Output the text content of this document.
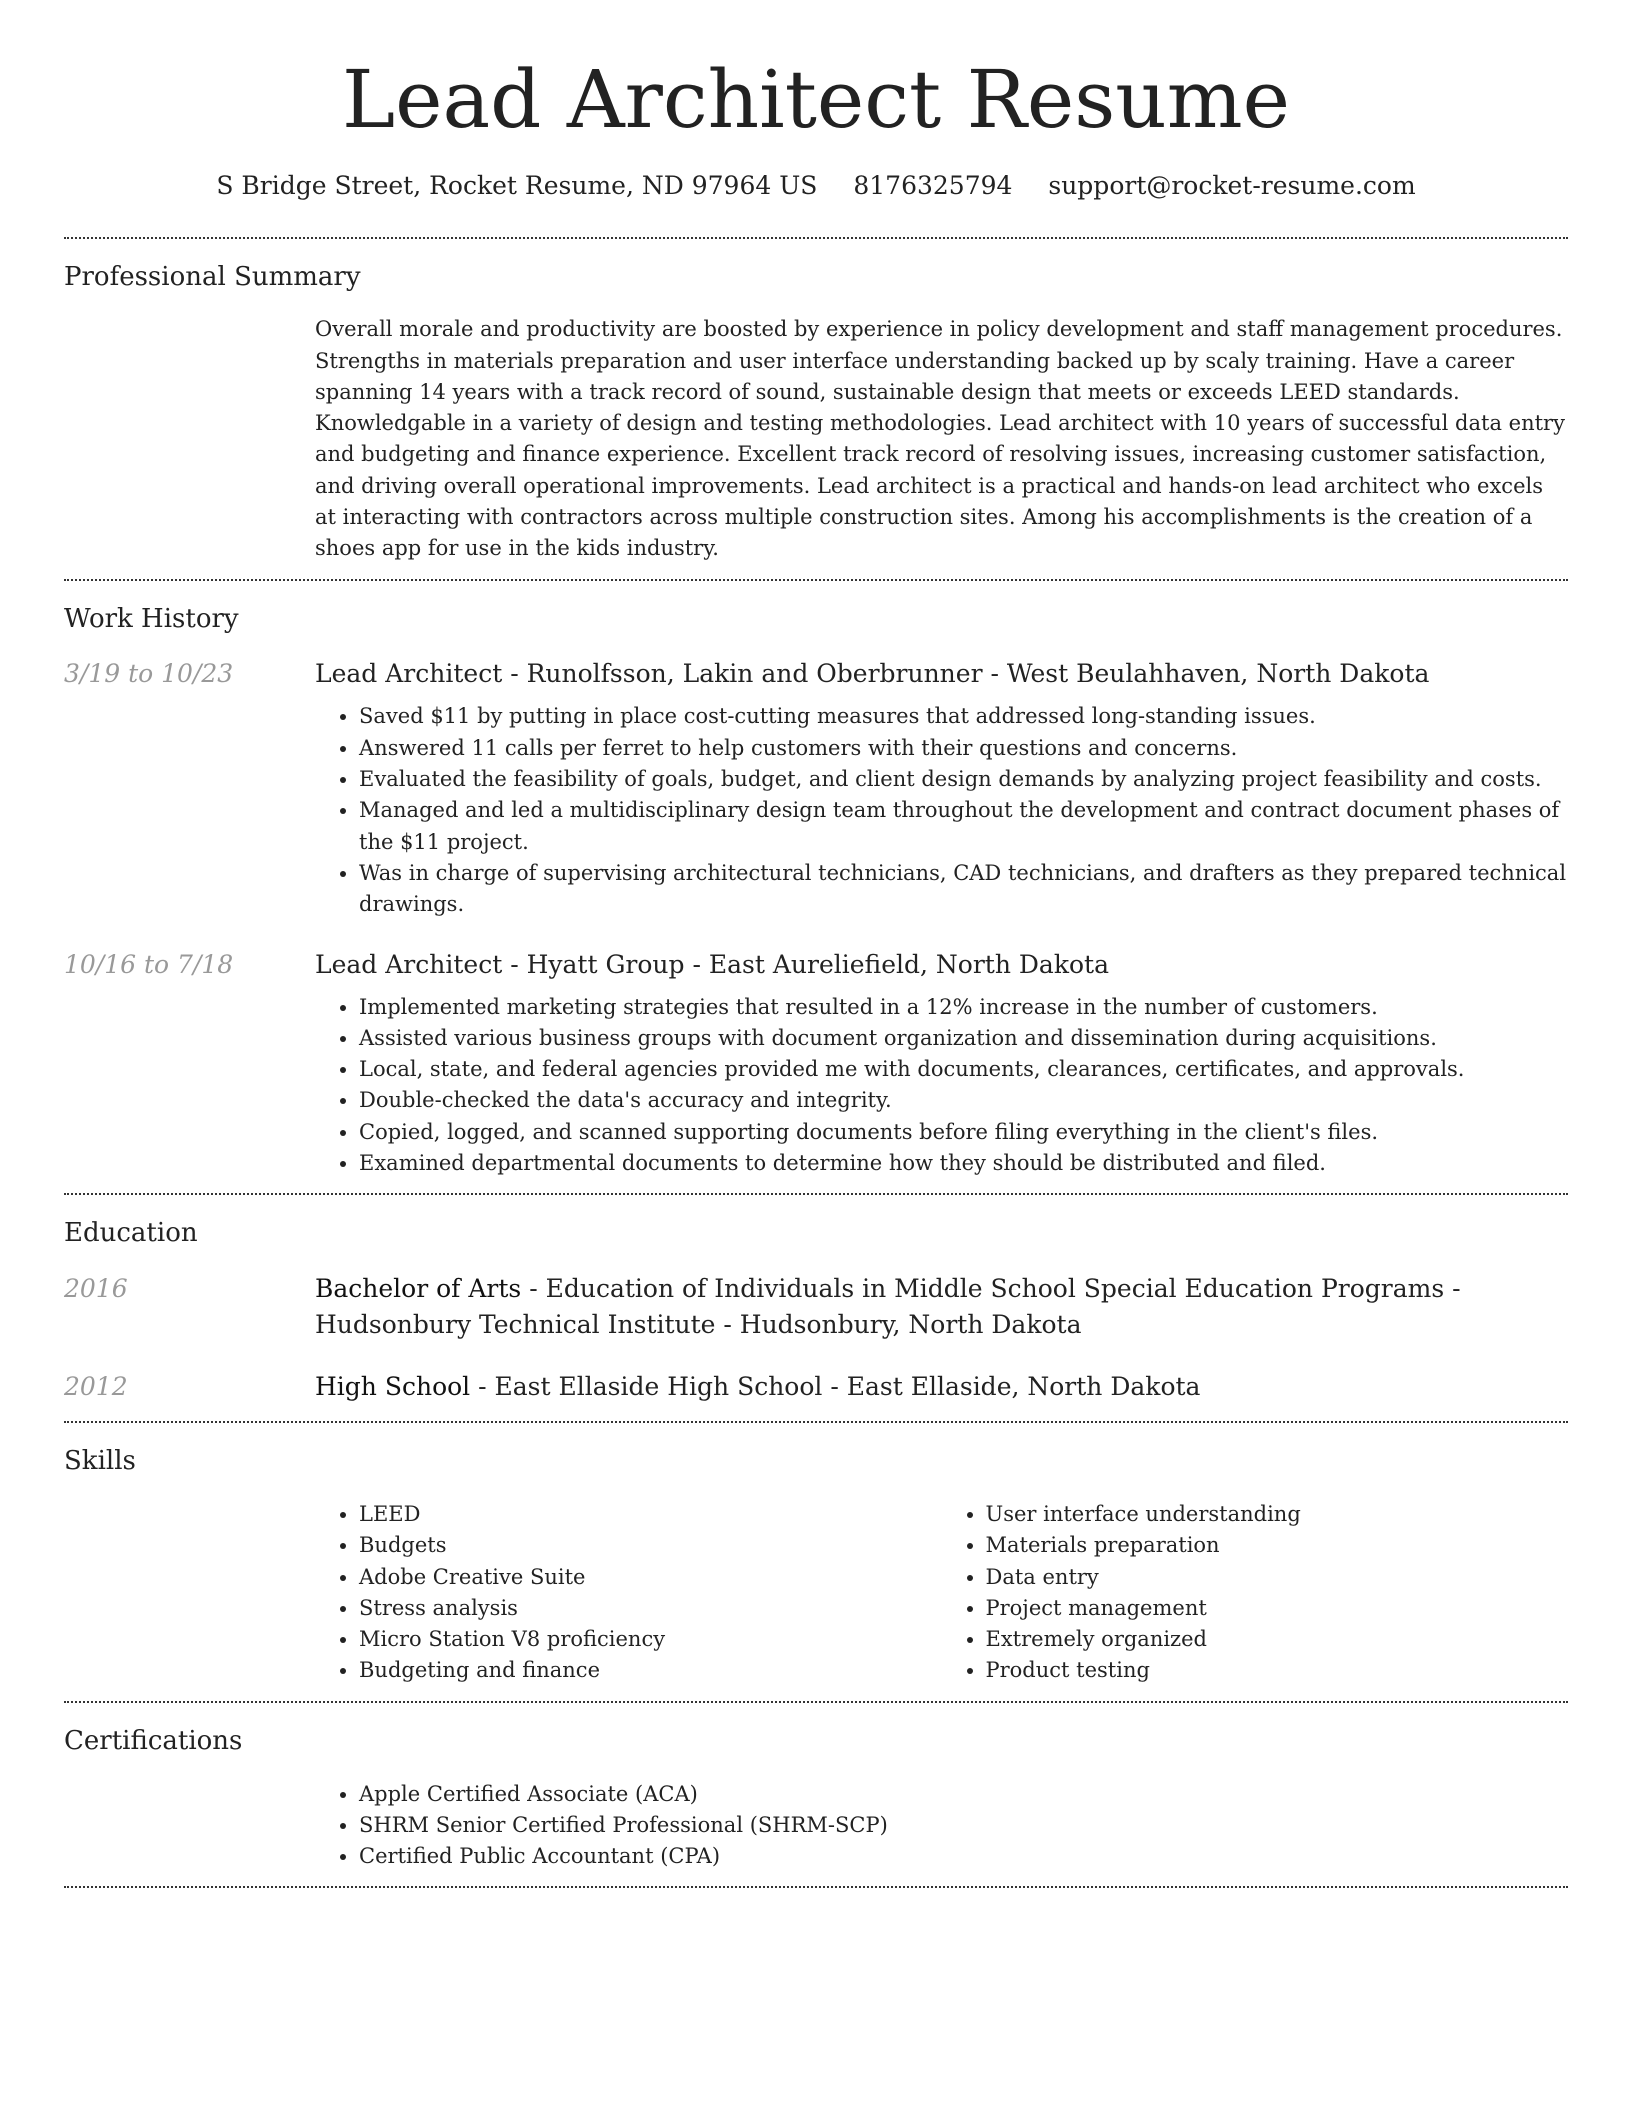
Lead Architect Resume
S Bridge Street, Rocket Resume, ND 97964 US 8176325794 support@rocket-resume.com
Professional Summary

Overall morale and productivity are boosted by experience in policy development and staff management procedures. Strengths in materials preparation and user interface understanding backed up by scaly training. Have a career spanning 14 years with a track record of sound, sustainable design that meets or exceeds LEED standards. Knowledgable in a variety of design and testing methodologies. Lead architect with 10 years of successful data entry and budgeting and finance experience. Excellent track record of resolving issues, increasing customer satisfaction, and driving overall operational improvements. Lead architect is a practical and hands-on lead architect who excels at interacting with contractors across multiple construction sites. Among his accomplishments is the creation of a shoes app for use in the kids industry.

Work History
3/19 to 10/23	Lead Architect - Runolfsson, Lakin and Oberbrunner - West Beulahhaven, North Dakota
• Saved $11 by putting in place cost-cutting measures that addressed long-standing issues.
• Answered 11 calls per ferret to help customers with their questions and concerns.
• Evaluated the feasibility of goals, budget, and client design demands by analyzing project feasibility and costs.
• Managed and led a multidisciplinary design team throughout the development and contract document phases of the $11 project.
• Was in charge of supervising architectural technicians, CAD technicians, and drafters as they prepared technical drawings.
10/16 to 7/18	Lead Architect - Hyatt Group - East Aureliefield, North Dakota
• Implemented marketing strategies that resulted in a 12% increase in the number of customers.
• Assisted various business groups with document organization and dissemination during acquisitions.
• Local, state, and federal agencies provided me with documents, clearances, certificates, and approvals.
• Double-checked the data's accuracy and integrity.
• Copied, logged, and scanned supporting documents before filing everything in the client's files.
• Examined departmental documents to determine how they should be distributed and filed.
Education
2016	Bachelor of Arts - Education of Individuals in Middle School Special Education Programs - Hudsonbury Technical Institute - Hudsonbury, North Dakota
2012	High School - East Ellaside High School - East Ellaside, North Dakota
Skills
• LEED
• Budgets
• Adobe Creative Suite
• Stress analysis
• Micro Station V8 proficiency
• Budgeting and finance
• User interface understanding
• Materials preparation
• Data entry
• Project management
• Extremely organized
• Product testing
Certifications
• Apple Certified Associate (ACA)
• SHRM Senior Certified Professional (SHRM-SCP)
• Certified Public Accountant (CPA)
